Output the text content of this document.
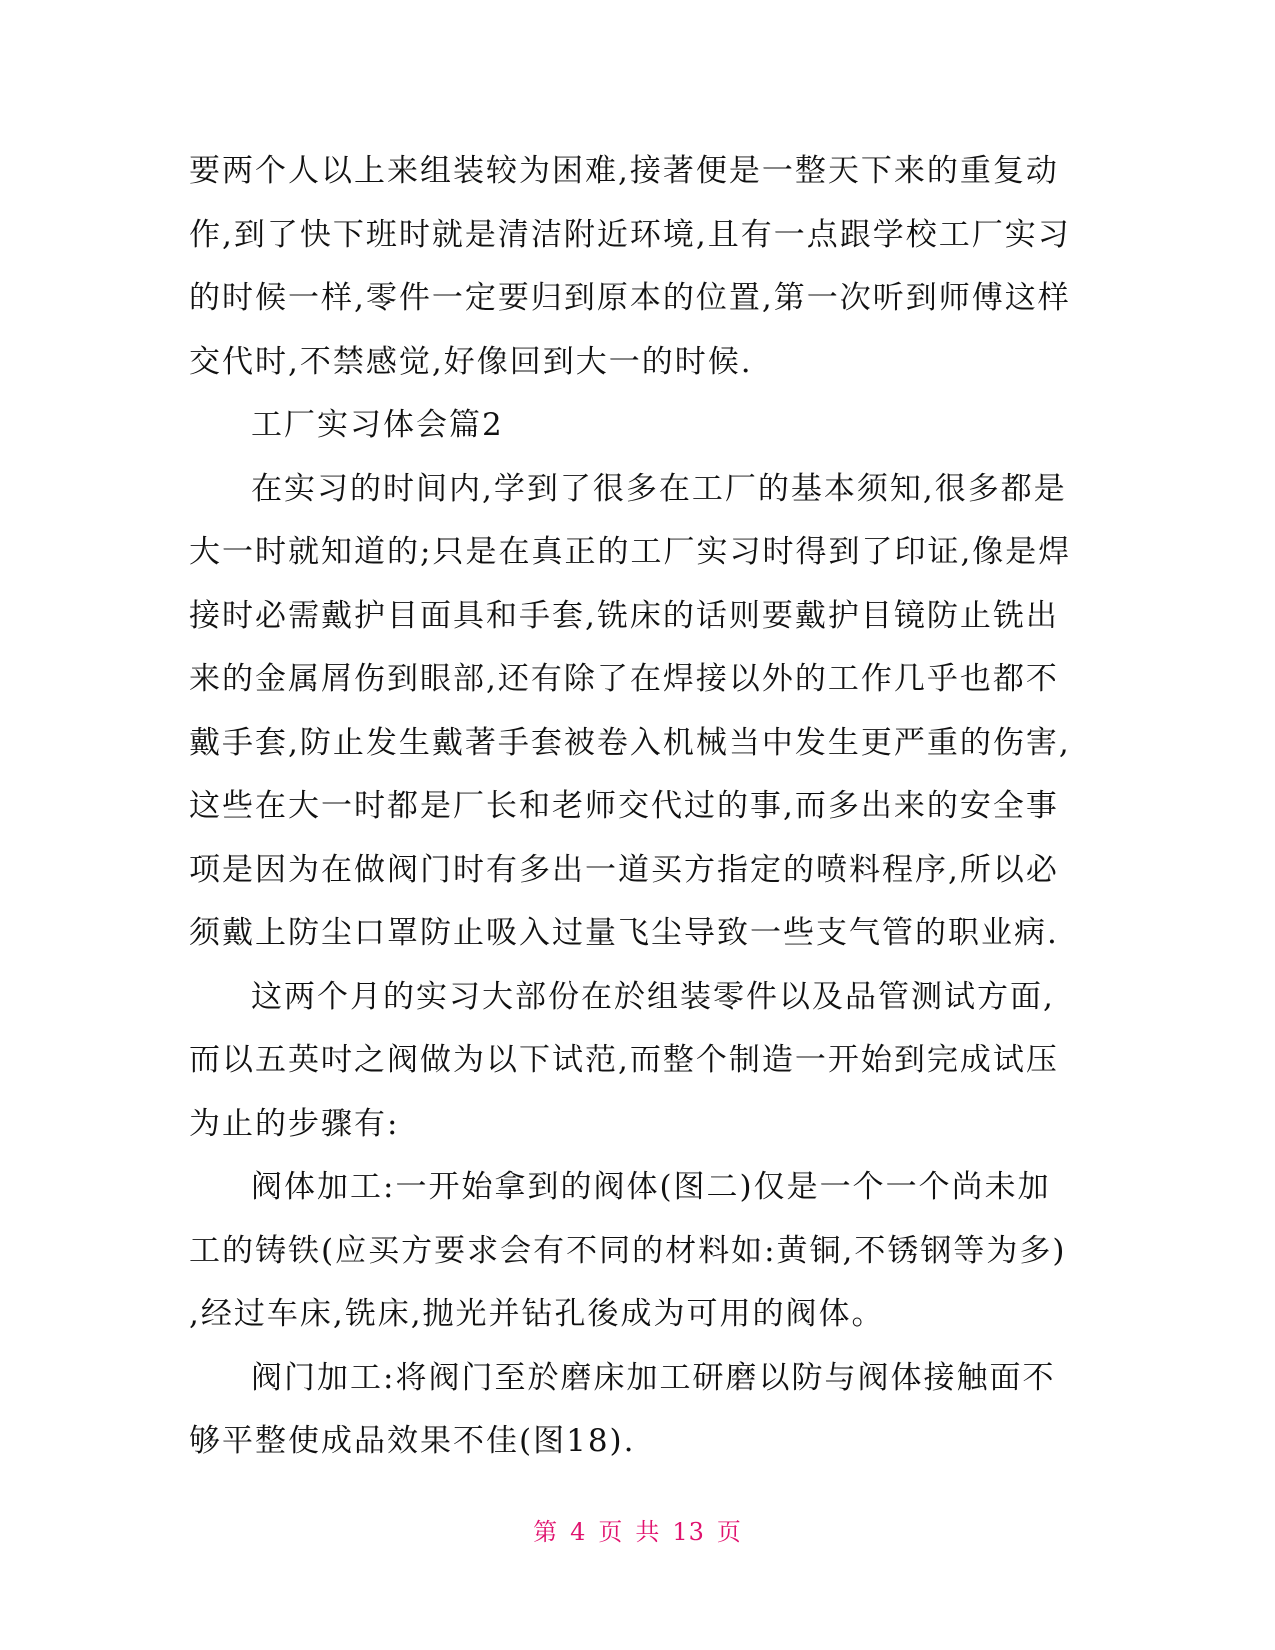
要两个人以上来组装较为困难,接著便是一整天下来的重复动
作,到了快下班时就是清洁附近环境,且有一点跟学校工厂实习
的时候一样,零件一定要归到原本的位置,第一次听到师傅这样
交代时,不禁感觉,好像回到大一的时候.
工厂实习体会篇2
在实习的时间内,学到了很多在工厂的基本须知,很多都是
大一时就知道的;只是在真正的工厂实习时得到了印证,像是焊
接时必需戴护目面具和手套,铣床的话则要戴护目镜防止铣出
来的金属屑伤到眼部,还有除了在焊接以外的工作几乎也都不
戴手套,防止发生戴著手套被卷入机械当中发生更严重的伤害,
这些在大一时都是厂长和老师交代过的事,而多出来的安全事
项是因为在做阀门时有多出一道买方指定的喷料程序,所以必
须戴上防尘口罩防止吸入过量飞尘导致一些支气管的职业病.
这两个月的实习大部份在於组装零件以及品管测试方面,
而以五英吋之阀做为以下试范,而整个制造一开始到完成试压
为止的步骤有:
阀体加工:一开始拿到的阀体(图二)仅是一个一个尚未加
工的铸铁(应买方要求会有不同的材料如:黄铜,不锈钢等为多)
,经过车床,铣床,抛光并钻孔後成为可用的阀体。
阀门加工:将阀门至於磨床加工研磨以防与阀体接触面不
够平整使成品效果不佳(图18).
第 4 页 共 13 页
